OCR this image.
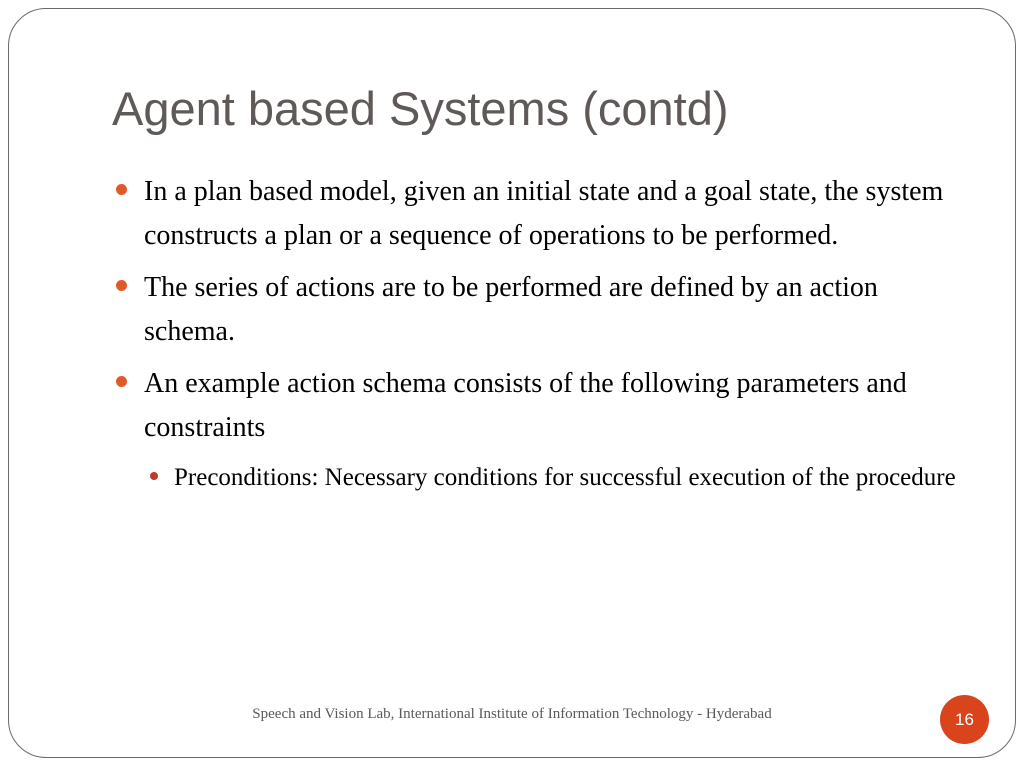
Agent based Systems (contd)
In a plan based model, given an initial state and a goal state, the system constructs a plan or a sequence of operations to be performed.
The series of actions are to be performed are defined by an action schema.
An example action schema consists of the following parameters and constraints
Preconditions: Necessary conditions for successful execution of the procedure
Speech and Vision Lab, International Institute of Information Technology - Hyderabad	16
